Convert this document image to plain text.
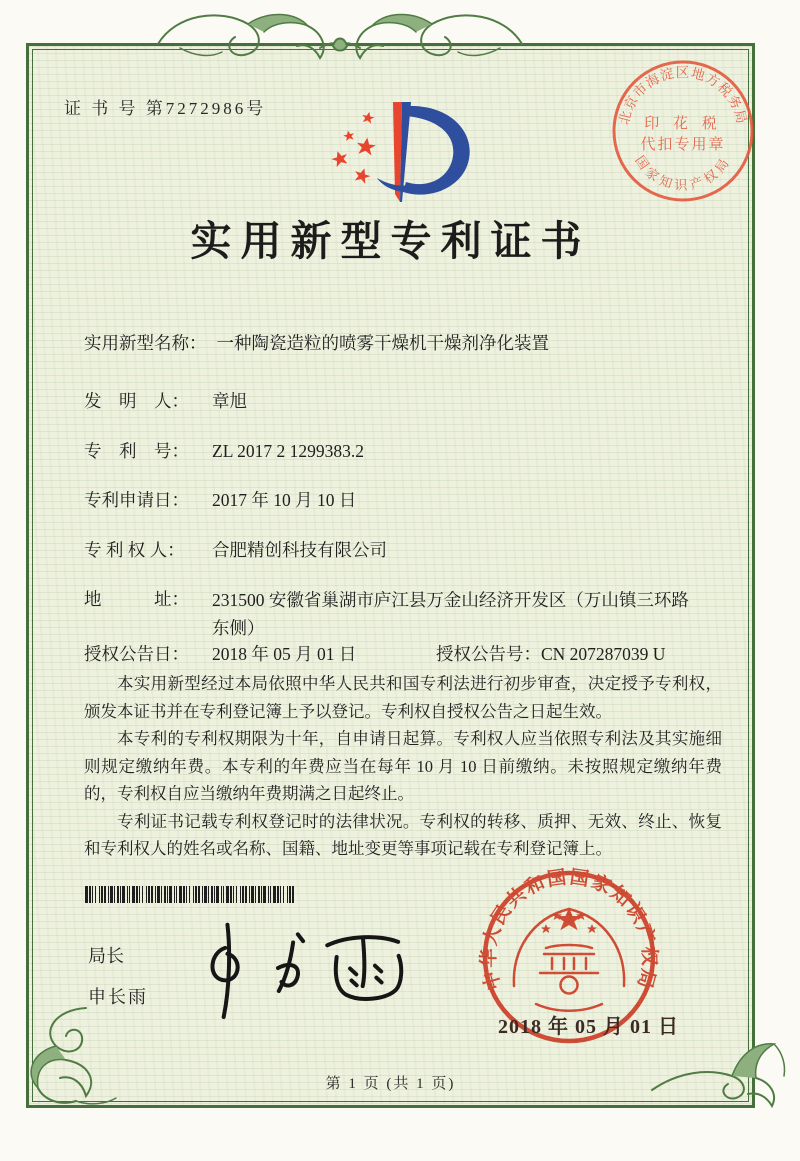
证 书 号 第7272986号	北京市海淀区地方税务局
国家知识产权局
印 花 税
代扣专用章
实用新型专利证书
实用新型名称： 一种陶瓷造粒的喷雾干燥机干燥剂净化装置
发　明　人： 章旭
专　利　号： ZL 2017 2 1299383.2
专利申请日： 2017 年 10 月 10 日
专 利 权 人： 合肥精创科技有限公司
地　　　址： 231500 安徽省巢湖市庐江县万金山经济开发区（万山镇三环路东侧）
授权公告日： 2018 年 05 月 01 日	授权公告号：CN 207287039 U

本实用新型经过本局依照中华人民共和国专利法进行初步审查，决定授予专利权，颁发本证书并在专利登记簿上予以登记。专利权自授权公告之日起生效。

本专利的专利权期限为十年，自申请日起算。专利权人应当依照专利法及其实施细则规定缴纳年费。本专利的年费应当在每年 10 月 10 日前缴纳。未按照规定缴纳年费的，专利权自应当缴纳年费期满之日起终止。

专利证书记载专利权登记时的法律状况。专利权的转移、质押、无效、终止、恢复和专利权人的姓名或名称、国籍、地址变更等事项记载在专利登记簿上。

局长
申长雨
中华人民共和国国家知识产权局
2018 年 05 月 01 日
第 1 页 (共 1 页)
